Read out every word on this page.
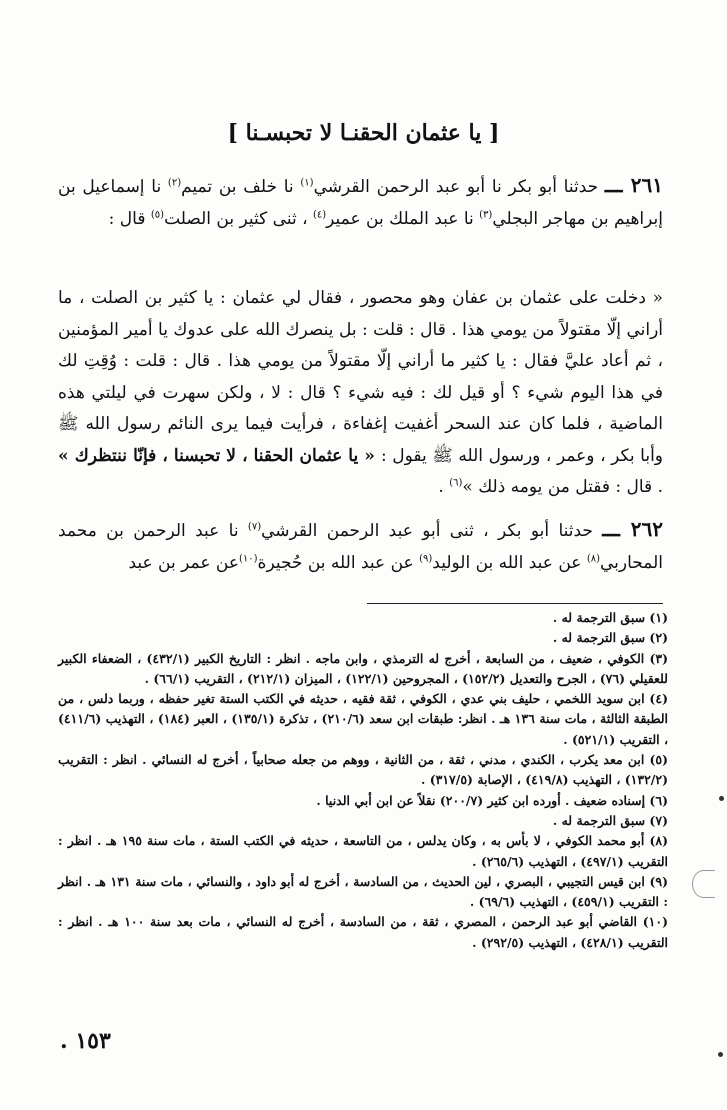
[ يا عثمان الحقنـا لا تحبسـنا ]
٢٦١ ـــ حدثنا أبو بكر نا أبو عبد الرحمن القرشي$^{(١)}$ نا خلف بن تميم$^{(٢)}$ نا إسماعيل بن إبراهيم بن مهاجر البجلي$^{(٣)}$ نا عبد الملك بن عمير$^{(٤)}$ ، ثنى كثير بن الصلت$^{(٥)}$ قال :
« دخلت على عثمان بن عفان وهو محصور ، فقال لي عثمان : يا كثير بن الصلت ، ما أراني إلّا مقتولاً من يومي هذا . قال : قلت : بل ينصرك الله على عدوك يا أمير المؤمنين ، ثم أعاد عليَّ فقال : يا كثير ما أراني إلّا مقتولاً من يومي هذا . قال : قلت : وُقِتِ لك في هذا اليوم شيء ؟ أو قيل لك : فيه شيء ؟ قال : لا ، ولكن سهرت في ليلتي هذه الماضية ، فلما كان عند السحر أغفيت إغفاءة ، فرأيت فيما يرى النائم رسول الله ﷺ وأبا بكر ، وعمر ، ورسول الله ﷺ يقول : « يا عثمان الحقنا ، لا تحبسنا ، فإنّا ننتظرك » . قال : فقتل من يومه ذلك »$^{(٦)}$ .
٢٦٢ ـــ حدثنا أبو بكر ، ثنى أبو عبد الرحمن القرشي$^{(٧)}$ نا عبد الرحمن بن محمد المحاربي$^{(٨)}$ عن عبد الله بن الوليد$^{(٩)}$ عن عبد الله بن حُجيرة$^{(١٠)}$عن عمر بن عبد

(١) سبق الترجمة له .

(٢) سبق الترجمة له .

(٣) الكوفي ، ضعيف ، من السابعة ، أخرج له الترمذي ، وابن ماجه . انظر : التاريخ الكبير (٤٣٢/١) ، الضعفاء الكبير للعقيلي (٧٦) ، الجرح والتعديل (١٥٢/٢) ، المجروحين (١٢٢/١) ، الميزان (٢١٢/١) ، التقريب (٦٦/١) .

(٤) ابن سويد اللخمي ، حليف بني عدي ، الكوفي ، ثقة فقيه ، حديثه في الكتب الستة تغير حفظه ، وربما دلس ، من الطبقة الثالثة ، مات سنة ١٣٦ هـ . انظر: طبقات ابن سعد (٢١٠/٦) ، تذكرة (١٣٥/١) ، العبر (١٨٤) ، التهذيب (٤١١/٦) ، التقريب (٥٢١/١) .

(٥) ابن معد يكرب ، الكندي ، مدني ، ثقة ، من الثانية ، ووهم من جعله صحابياً ، أخرج له النسائي . انظر : التقريب (١٣٢/٢) ، التهذيب (٤١٩/٨) ، الإصابة (٣١٧/٥) .

(٦) إسناده ضعيف . أورده ابن كثير (٢٠٠/٧) نقلاً عن ابن أبي الدنيا .

(٧) سبق الترجمة له .

(٨) أبو محمد الكوفي ، لا بأس به ، وكان يدلس ، من التاسعة ، حديثه في الكتب الستة ، مات سنة ١٩٥ هـ . انظر : التقريب (٤٩٧/١) ، التهذيب (٢٦٥/٦) .

(٩) ابن قيس التجيبي ، البصري ، لين الحديث ، من السادسة ، أخرج له أبو داود ، والنسائي ، مات سنة ١٣١ هـ . انظر : التقريب (٤٥٩/١) ، التهذيب (٦٩/٦) .

(١٠) القاضي أبو عبد الرحمن ، المصري ، ثقة ، من السادسة ، أخرج له النسائي ، مات بعد سنة ١٠٠ هـ . انظر : التقريب (٤٢٨/١) ، التهذيب (٢٩٢/٥) .

. ١٥٣
